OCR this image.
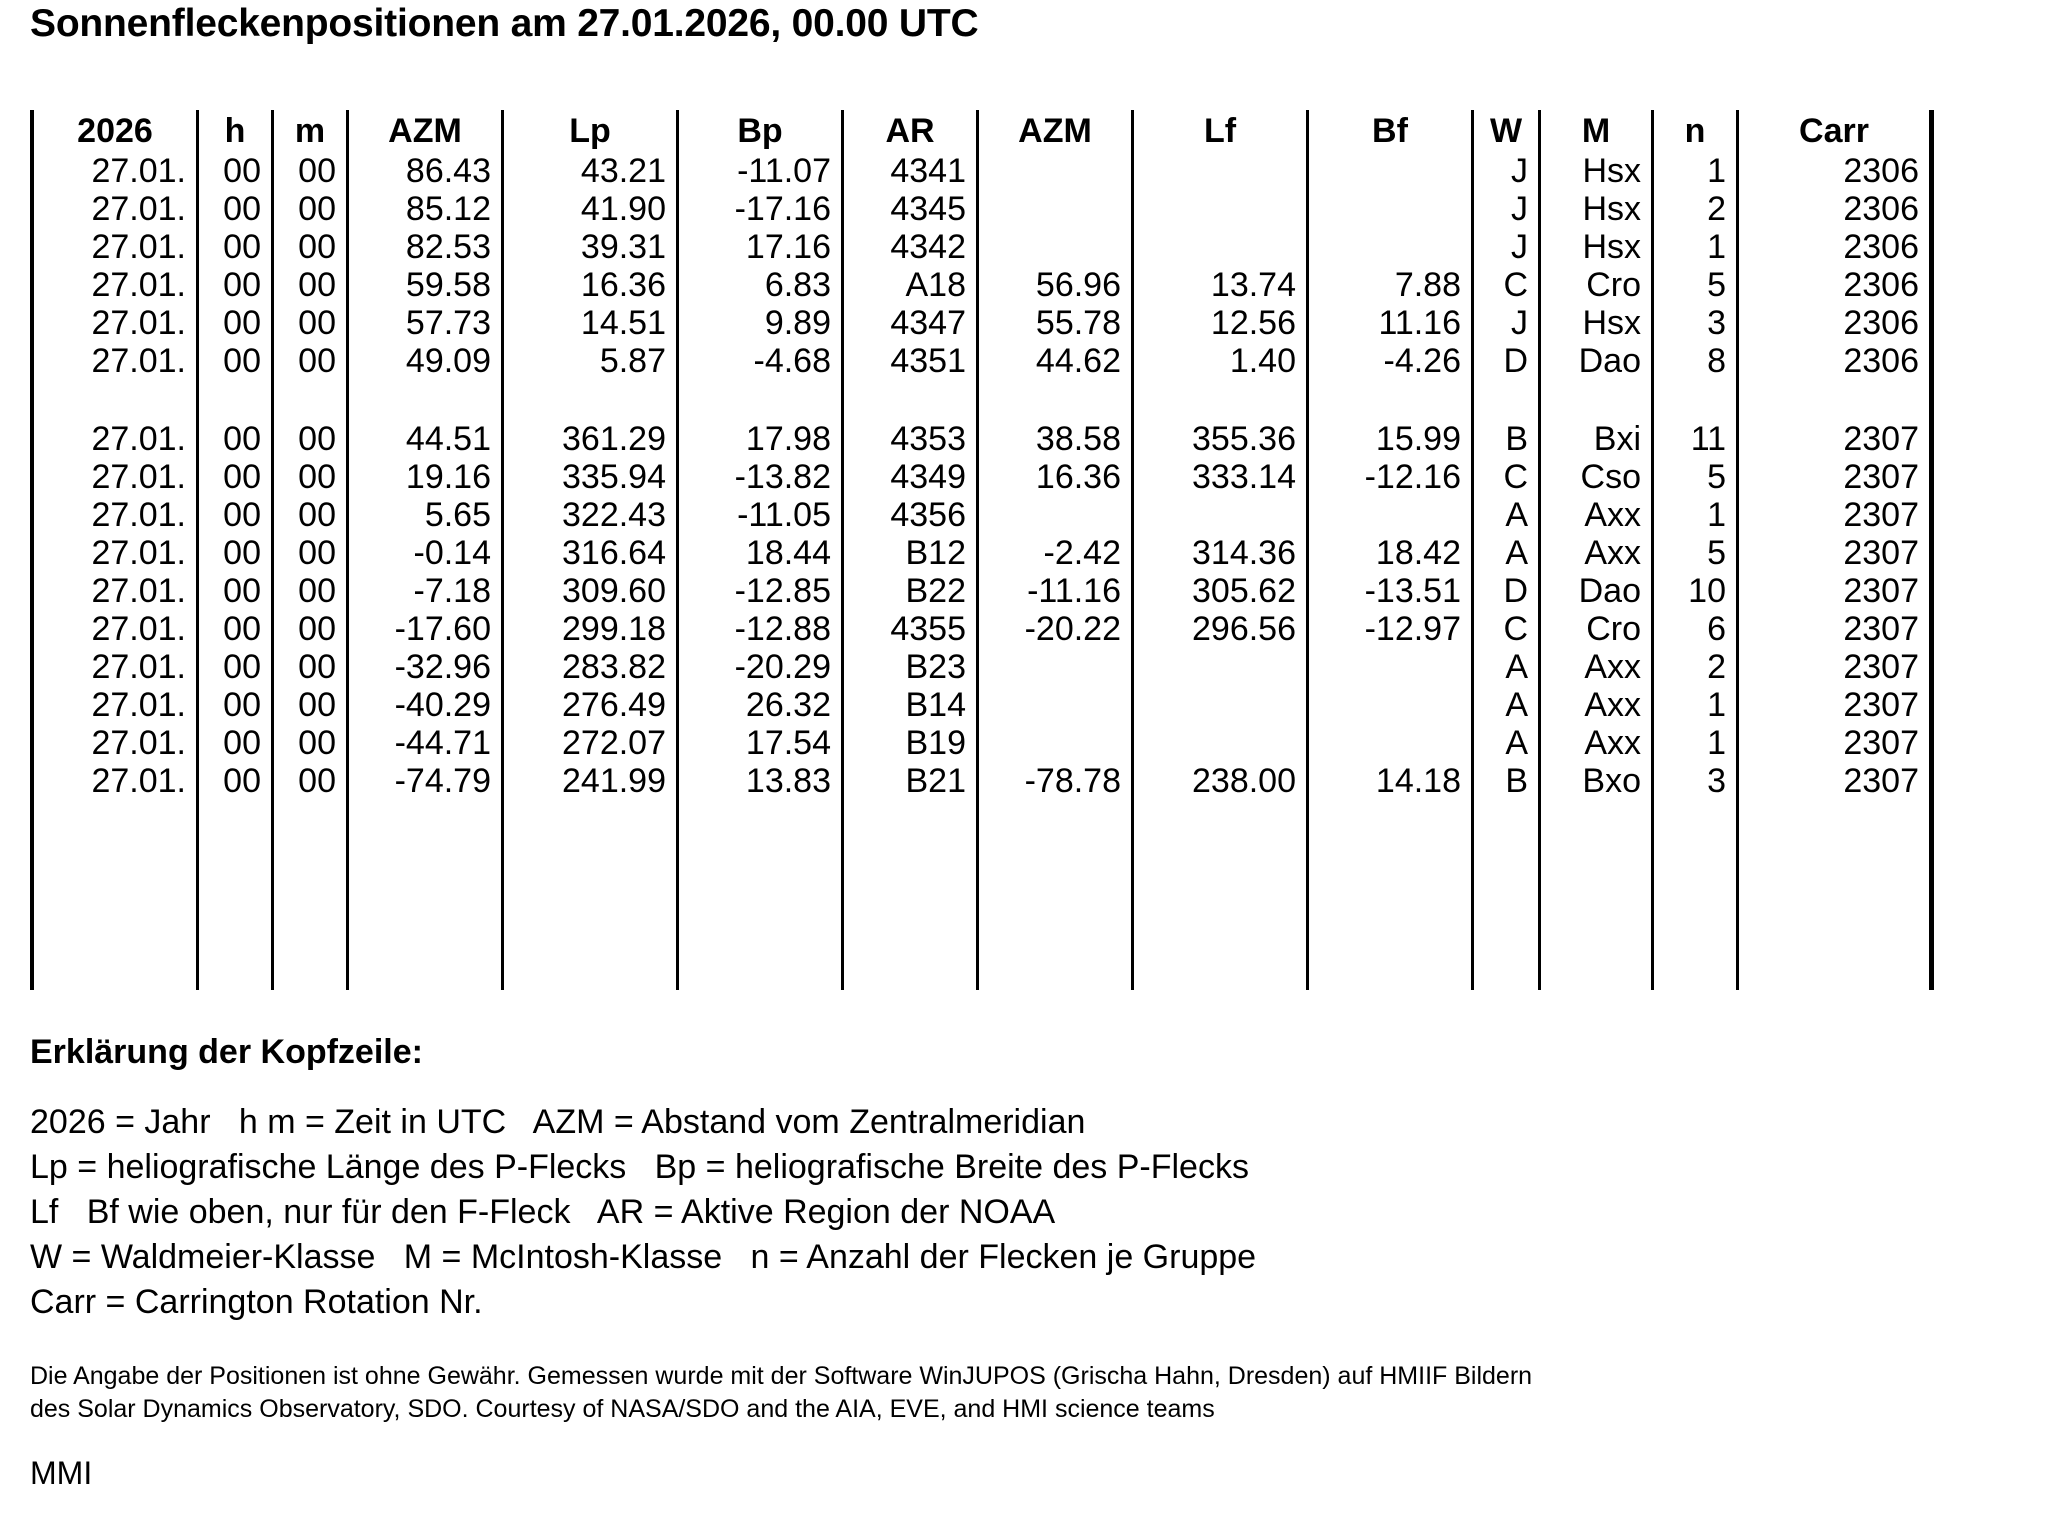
Sonnenfleckenpositionen am 27.01.2026, 00.00 UTC
2026	h	m	AZM	Lp	Bp	AR	AZM	Lf	Bf	W	M	n	Carr
27.01.	00	00	86.43	43.21	-11.07	4341				J	Hsx	1	2306
27.01.	00	00	85.12	41.90	-17.16	4345				J	Hsx	2	2306
27.01.	00	00	82.53	39.31	17.16	4342				J	Hsx	1	2306
27.01.	00	00	59.58	16.36	6.83	A18	56.96	13.74	7.88	C	Cro	5	2306
27.01.	00	00	57.73	14.51	9.89	4347	55.78	12.56	11.16	J	Hsx	3	2306
27.01.	00	00	49.09	5.87	-4.68	4351	44.62	1.40	-4.26	D	Dao	8	2306

27.01.	00	00	44.51	361.29	17.98	4353	38.58	355.36	15.99	B	Bxi	11	2307
27.01.	00	00	19.16	335.94	-13.82	4349	16.36	333.14	-12.16	C	Cso	5	2307
27.01.	00	00	5.65	322.43	-11.05	4356				A	Axx	1	2307
27.01.	00	00	-0.14	316.64	18.44	B12	-2.42	314.36	18.42	A	Axx	5	2307
27.01.	00	00	-7.18	309.60	-12.85	B22	-11.16	305.62	-13.51	D	Dao	10	2307
27.01.	00	00	-17.60	299.18	-12.88	4355	-20.22	296.56	-12.97	C	Cro	6	2307
27.01.	00	00	-32.96	283.82	-20.29	B23				A	Axx	2	2307
27.01.	00	00	-40.29	276.49	26.32	B14				A	Axx	1	2307
27.01.	00	00	-44.71	272.07	17.54	B19				A	Axx	1	2307
27.01.	00	00	-74.79	241.99	13.83	B21	-78.78	238.00	14.18	B	Bxo	3	2307

Erklärung der Kopfzeile:
2026 = Jahr   h m = Zeit in UTC   AZM = Abstand vom Zentralmeridian
Lp = heliografische Länge des P-Flecks   Bp = heliografische Breite des P-Flecks
Lf   Bf wie oben, nur für den F-Fleck   AR = Aktive Region der NOAA
W = Waldmeier-Klasse   M = McIntosh-Klasse   n = Anzahl der Flecken je Gruppe
Carr = Carrington Rotation Nr.
Die Angabe der Positionen ist ohne Gewähr. Gemessen wurde mit der Software WinJUPOS (Grischa Hahn, Dresden) auf HMIIF Bildern
des Solar Dynamics Observatory, SDO. Courtesy of NASA/SDO and the AIA, EVE, and HMI science teams
MMI
